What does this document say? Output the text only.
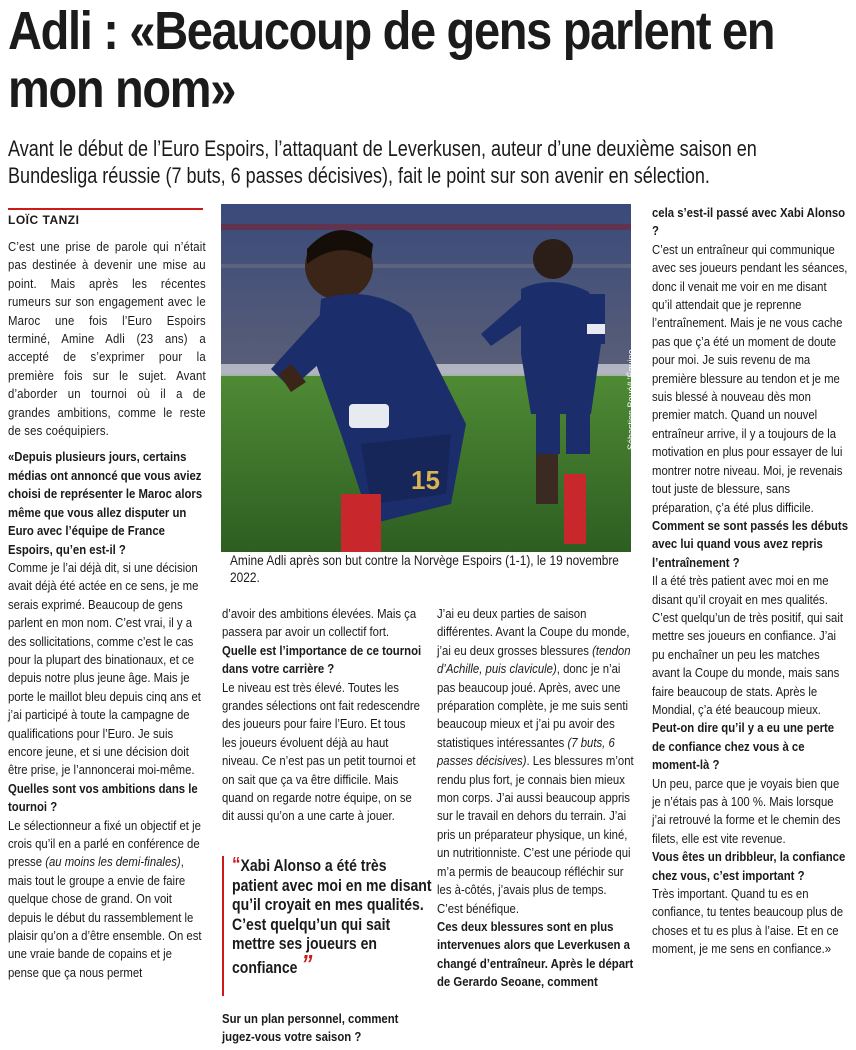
Adli : «Beaucoup de gens parlent en mon nom»
Avant le début de l’Euro Espoirs, l’attaquant de Leverkusen, auteur d’une deuxième saison en Bundesliga réussie (7 buts, 6 passes décisives), fait le point sur son avenir en sélection.
LOÏC TANZI

C’est une prise de parole qui n’était pas destinée à devenir une mise au point. Mais après les récentes rumeurs sur son engagement avec le Maroc une fois l’Euro Espoirs terminé, Amine Adli (23 ans) a accepté de s’exprimer pour la première fois sur le sujet. Avant d’aborder un tournoi où il a de grandes ambitions, comme le reste de ses coéquipiers.

«Depuis plusieurs jours, certains médias ont annoncé que vous aviez choisi de représenter le Maroc alors même que vous allez disputer un Euro avec l’équipe de France Espoirs, qu’en est-il ?

Comme je l’ai déjà dit, si une décision avait déjà été actée en ce sens, je me serais exprimé. Beaucoup de gens parlent en mon nom. C’est vrai, il y a des sollicitations, comme c’est le cas pour la plupart des binationaux, et ce depuis notre plus jeune âge. Mais je porte le maillot bleu depuis cinq ans et j’ai participé à toute la campagne de qualifications pour l’Euro. Je suis encore jeune, et si une décision doit être prise, je l’annoncerai moi-même.

Quelles sont vos ambitions dans le tournoi ?

Le sélectionneur a fixé un objectif et je crois qu’il en a parlé en conférence de presse (au moins les demi-finales), mais tout le groupe a envie de faire quelque chose de grand. On voit depuis le début du rassemblement le plaisir qu’on a d’être ensemble. On est une vraie bande de copains et je pense que ça nous permet

15
Sébastien Boué/L’Équipe
Amine Adli après son but contre la Norvège Espoirs (1-1), le 19 novembre 2022.

d’avoir des ambitions élevées. Mais ça passera par avoir un collectif fort.

Quelle est l’importance de ce tournoi dans votre carrière ?

Le niveau est très élevé. Toutes les grandes sélections ont fait redescendre des joueurs pour faire l’Euro. Et tous les joueurs évoluent déjà au haut niveau. Ce n’est pas un petit tournoi et on sait que ça va être difficile. Mais quand on regarde notre équipe, on se dit aussi qu’on a une carte à jouer.

“Xabi Alonso a été très patient avec moi en me disant qu’il croyait en mes qualités. C’est quelqu’un qui sait mettre ses joueurs en confiance ”

Sur un plan personnel, comment jugez-vous votre saison ?

J’ai eu deux parties de saison différentes. Avant la Coupe du monde, j’ai eu deux grosses blessures (tendon d’Achille, puis clavicule), donc je n’ai pas beaucoup joué. Après, avec une préparation complète, je me suis senti beaucoup mieux et j’ai pu avoir des statistiques intéressantes (7 buts, 6 passes décisives). Les blessures m’ont rendu plus fort, je connais bien mieux mon corps. J’ai aussi beaucoup appris sur le travail en dehors du terrain. J’ai pris un préparateur physique, un kiné, un nutritionniste. C’est une période qui m’a permis de beaucoup réfléchir sur les à-côtés, j’avais plus de temps. C’est bénéfique.

Ces deux blessures sont en plus intervenues alors que Leverkusen a changé d’entraîneur. Après le départ de Gerardo Seoane, comment

cela s’est-il passé avec Xabi Alonso ?

C’est un entraîneur qui communique avec ses joueurs pendant les séances, donc il venait me voir en me disant qu’il attendait que je reprenne l’entraînement. Mais je ne vous cache pas que ç’a été un moment de doute pour moi. Je suis revenu de ma première blessure au tendon et je me suis blessé à nouveau dès mon premier match. Quand un nouvel entraîneur arrive, il y a toujours de la motivation en plus pour essayer de lui montrer notre niveau. Moi, je revenais tout juste de blessure, sans préparation, ç’a été plus difficile.

Comment se sont passés les débuts avec lui quand vous avez repris l’entraînement ?

Il a été très patient avec moi en me disant qu’il croyait en mes qualités. C’est quelqu’un de très positif, qui sait mettre ses joueurs en confiance. J’ai pu enchaîner un peu les matches avant la Coupe du monde, mais sans faire beaucoup de stats. Après le Mondial, ç’a été beaucoup mieux.

Peut-on dire qu’il y a eu une perte de confiance chez vous à ce moment-là ?

Un peu, parce que je voyais bien que je n’étais pas à 100 %. Mais lorsque j’ai retrouvé la forme et le chemin des filets, elle est vite revenue.

Vous êtes un dribbleur, la confiance chez vous, c’est important ?

Très important. Quand tu es en confiance, tu tentes beaucoup plus de choses et tu es plus à l’aise. Et en ce moment, je me sens en confiance.»
